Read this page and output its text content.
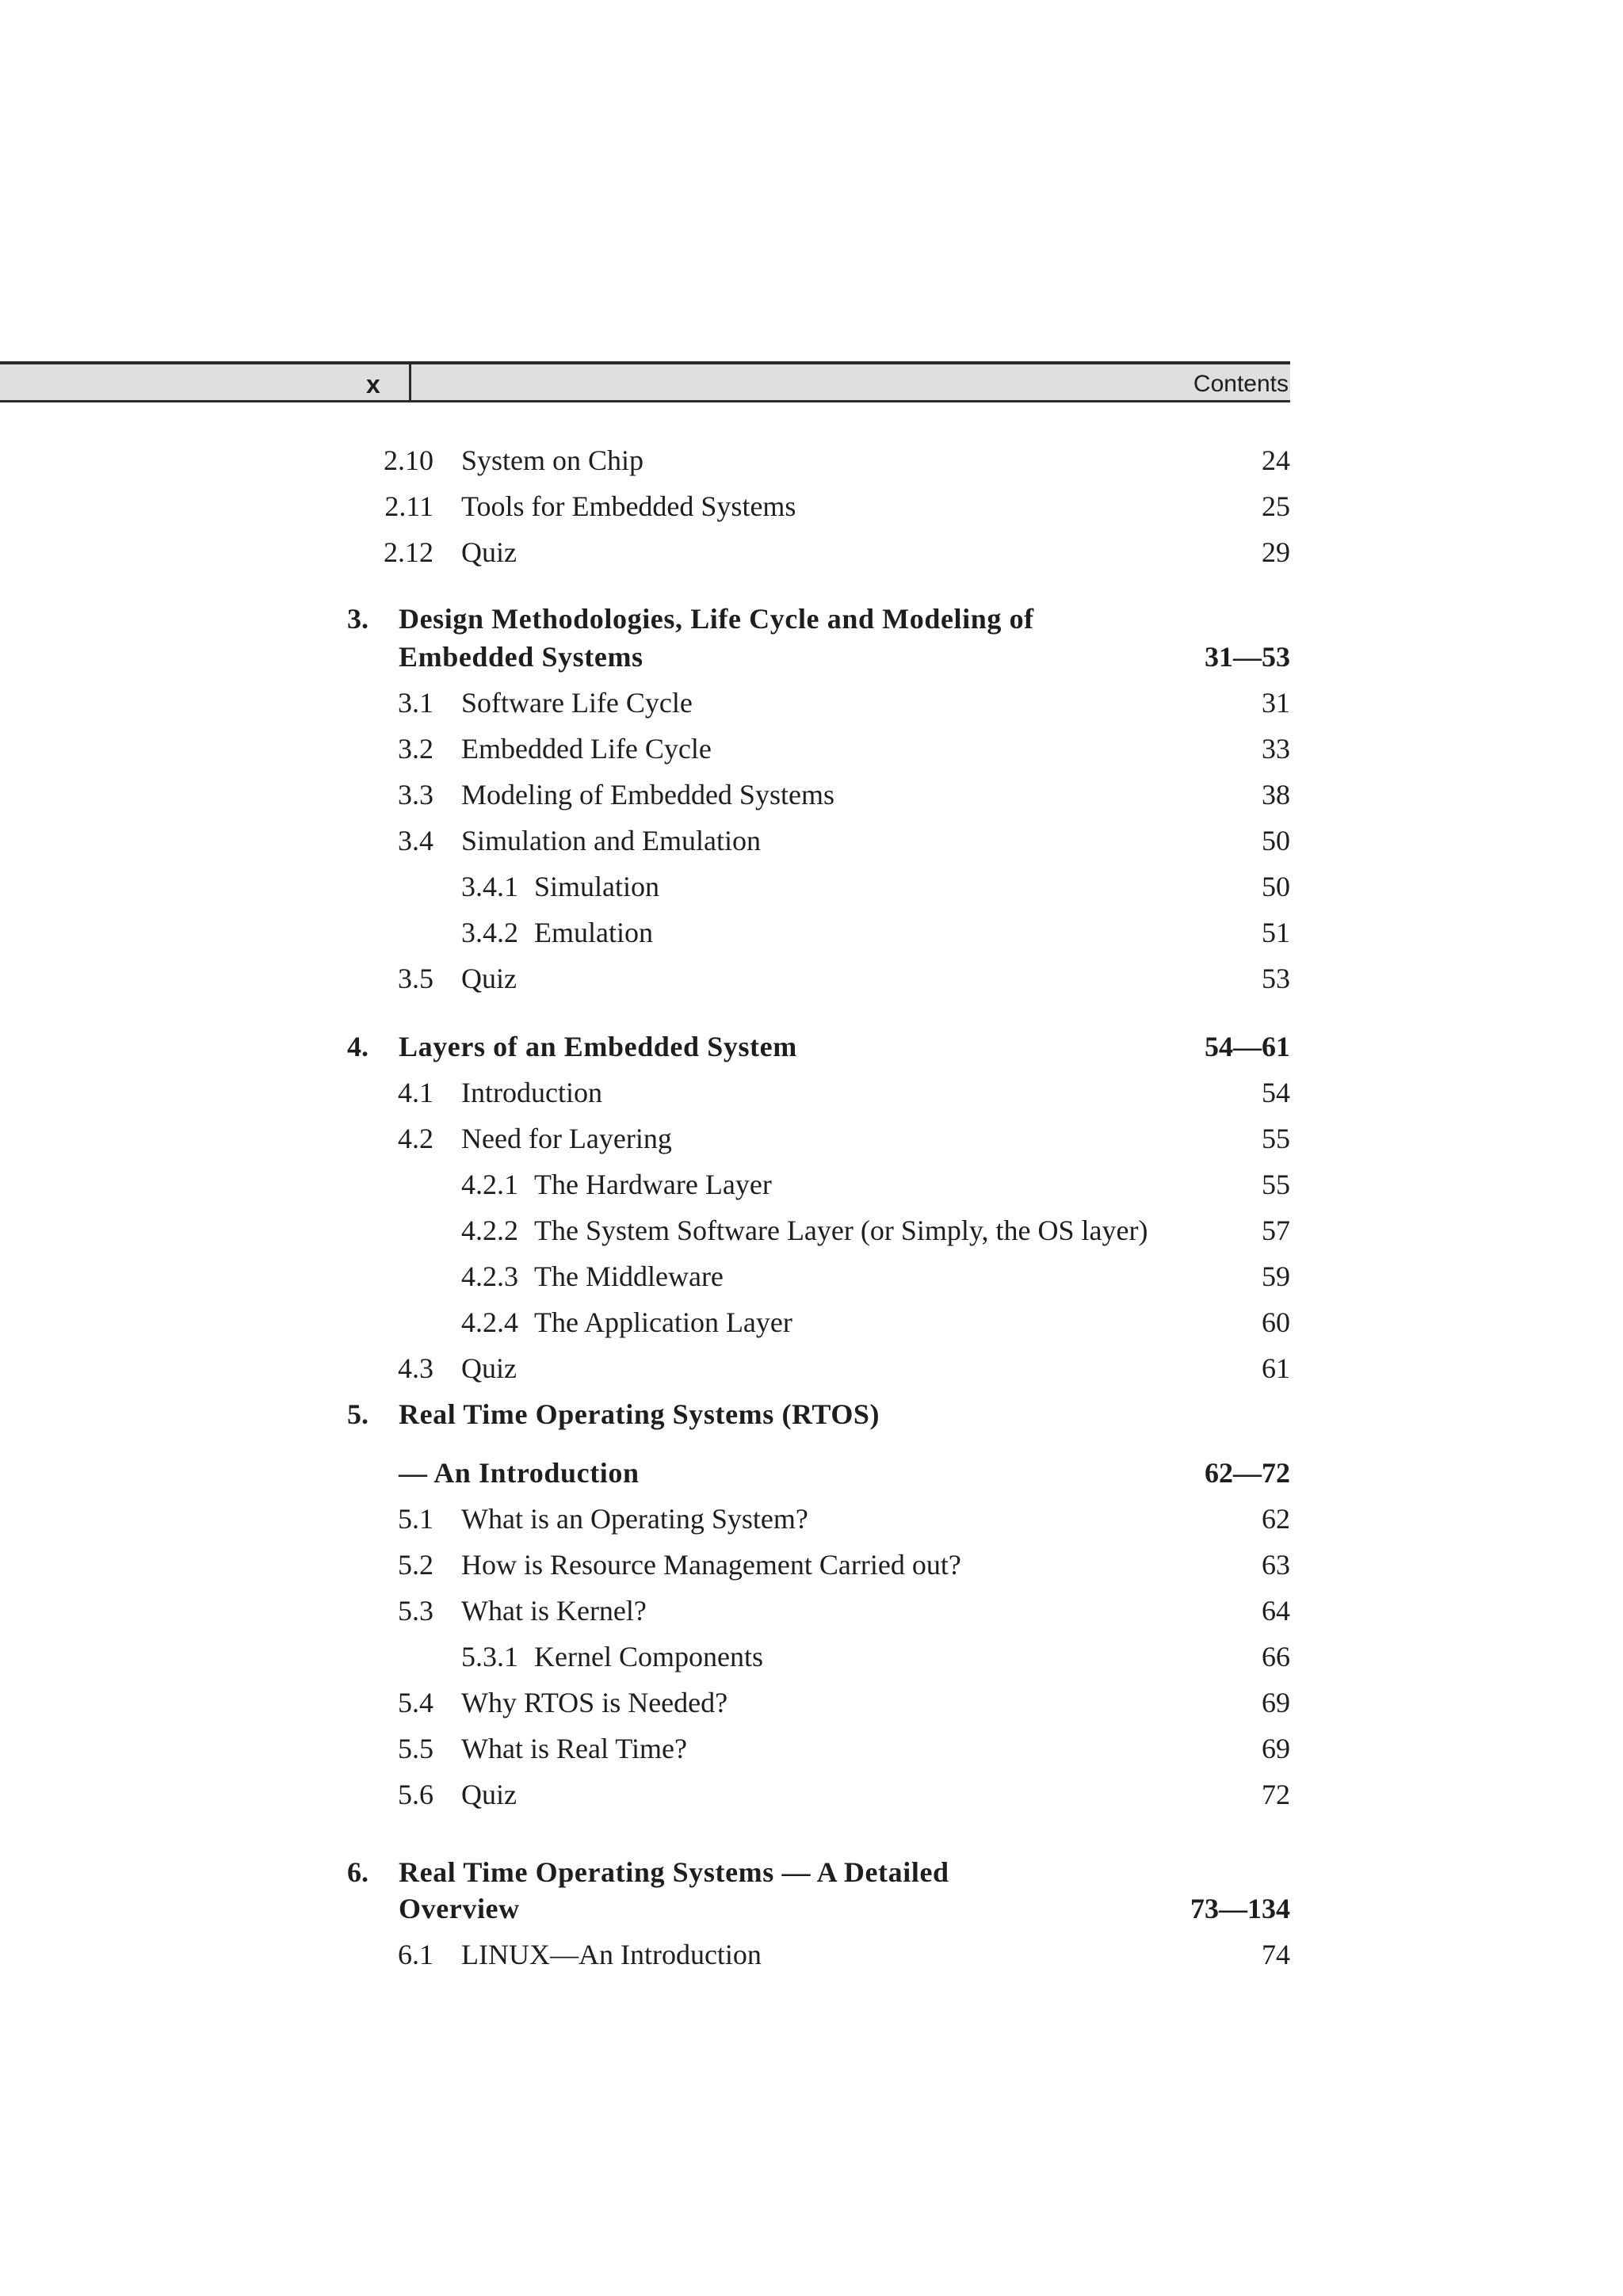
x	Contents
2.10 System on Chip	24
2.11 Tools for Embedded Systems	25
2.12 Quiz	29
3. Design Methodologies, Life Cycle and Modeling of
Embedded Systems	31—53
3.1 Software Life Cycle	31
3.2 Embedded Life Cycle	33
3.3 Modeling of Embedded Systems	38
3.4 Simulation and Emulation	50
3.4.1 Simulation	50
3.4.2 Emulation	51
3.5 Quiz	53
4. Layers of an Embedded System	54—61
4.1 Introduction	54
4.2 Need for Layering	55
4.2.1 The Hardware Layer	55
4.2.2 The System Software Layer (or Simply, the OS layer)	57
4.2.3 The Middleware	59
4.2.4 The Application Layer	60
4.3 Quiz	61
5. Real Time Operating Systems (RTOS)
— An Introduction	62—72
5.1 What is an Operating System?	62
5.2 How is Resource Management Carried out?	63
5.3 What is Kernel?	64
5.3.1 Kernel Components	66
5.4 Why RTOS is Needed?	69
5.5 What is Real Time?	69
5.6 Quiz	72
6. Real Time Operating Systems — A Detailed
Overview	73—134
6.1 LINUX—An Introduction	74
